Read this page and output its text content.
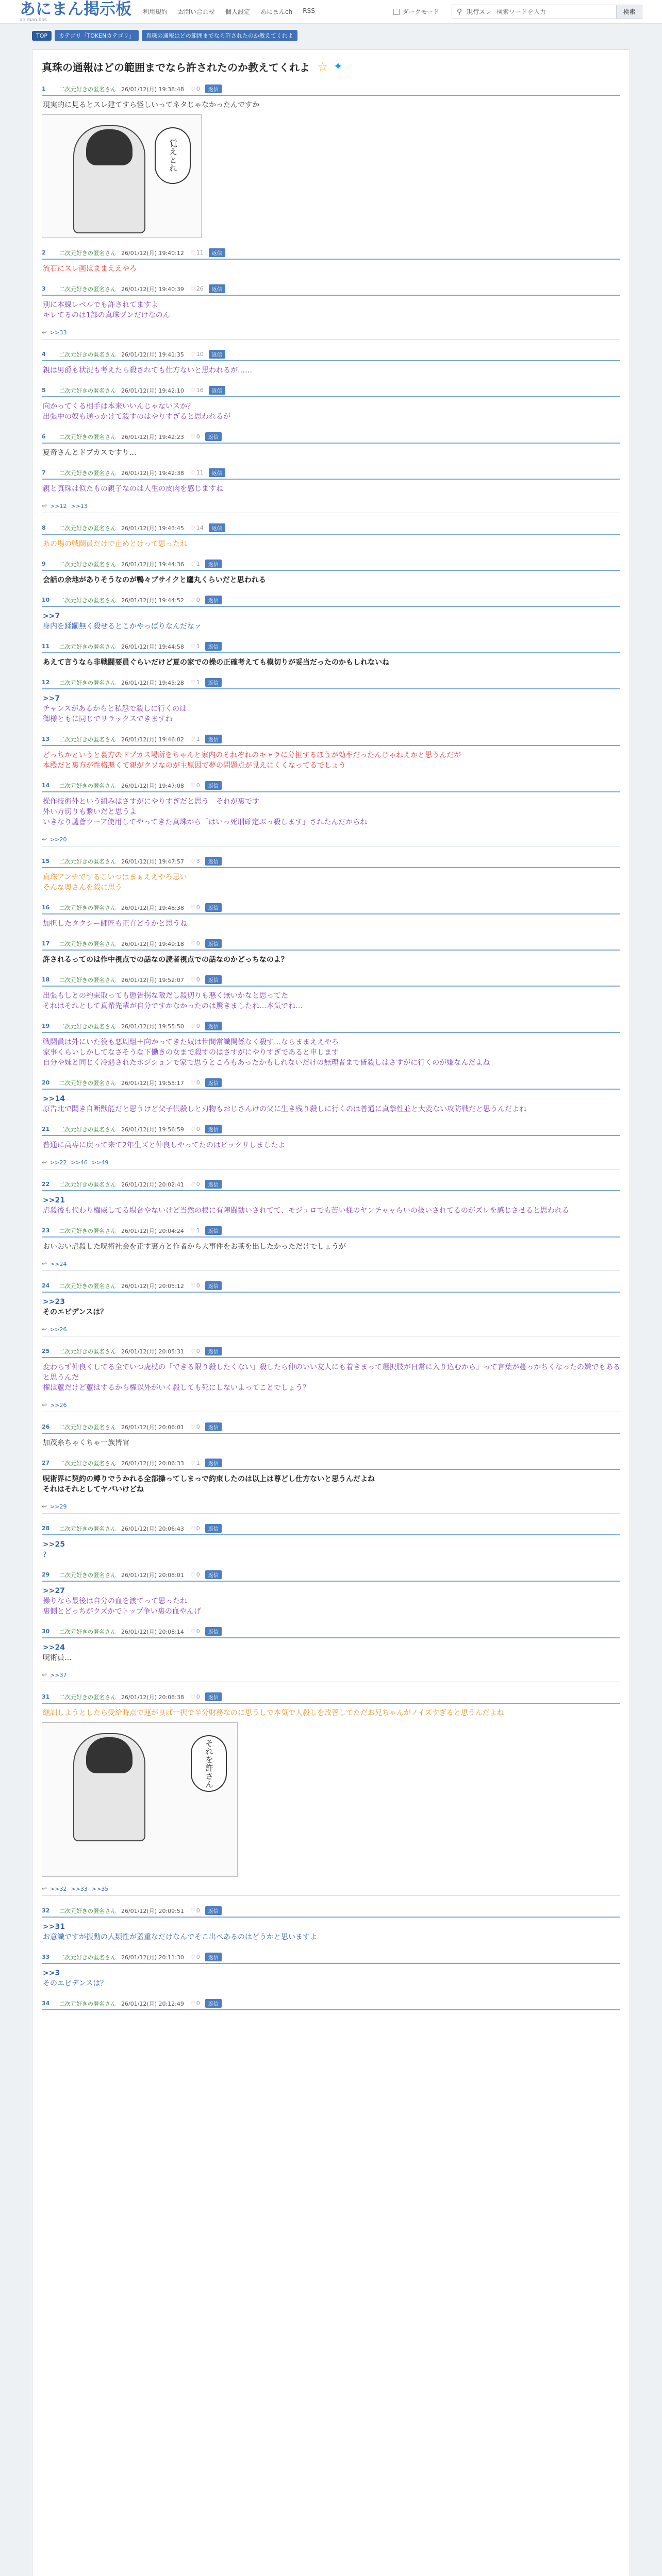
あにまん掲示板
animan bbs
利用規約 お問い合わせ 個人設定 あにまんch RSS	ダークモード	⚲ 現行スレ
検索ワードを入力	検索
TOP	カテゴリ「TOKENカテゴリ」	真珠の通報はどの範囲までなら許されたのか教えてくれよ
真珠の通報はどの範囲までなら許されたのか教えてくれよ ☆ ✦
1	二次元好きの匿名さん 26/01/12(月) 19:38:48 ♡ 0	返信
現実的に見るとスレ建てすら怪しいってネタじゃなかったんですか
覚えとれ
2	二次元好きの匿名さん 26/01/12(月) 19:40:12 ♡ 11	返信
流石にスレ画はままええやろ
3	二次元好きの匿名さん 26/01/12(月) 19:40:39 ♡ 26	返信
別に本線レベルでも許されてますよ
キレてるのは1部の真珠ヅンだけなのん
↩ >>33
4	二次元好きの匿名さん 26/01/12(月) 19:41:35 ♡ 10	返信
親は男爵も状況も考えたら殺されても仕方ないと思われるが……
5	二次元好きの匿名さん 26/01/12(月) 19:42:10 ♡ 16	返信
向かってくる相手は本来いいんじゃないスか？
出張中の奴も通っかけて殺すのはやりすぎると思われるが
6	二次元好きの匿名さん 26/01/12(月) 19:42:23 ♡ 0	返信
夏奇さんとドブカスですり…
7	二次元好きの匿名さん 26/01/12(月) 19:42:38 ♡ 11	返信
親と真珠は似たもの親子なのは人生の皮肉を感じますね
↩ >>12 >>13
8	二次元好きの匿名さん 26/01/12(月) 19:43:45 ♡ 14	返信
あの場の戦闘員だけで止めとけって思ったね
9	二次元好きの匿名さん 26/01/12(月) 19:44:36 ♡ 1	返信
会話の余地がありそうなのが鴨々ブサイクと鷹丸くらいだと思われる
10	二次元好きの匿名さん 26/01/12(月) 19:44:52 ♡ 0	返信
>>7
身内を蹂躙無く殺せるとこかやっぱりなんだなァ
11	二次元好きの匿名さん 26/01/12(月) 19:44:58 ♡ 1	返信
あえて言うなら非戦闘要員ぐらいだけど夏の家での操の正確考えても模切りが妥当だったのかもしれないね
12	二次元好きの匿名さん 26/01/12(月) 19:45:28 ♡ 1	返信
>>7
チャンスがあるからと私怨で殺しに行くのは
御様ともに同じでリラックスできますね
13	二次元好きの匿名さん 26/01/12(月) 19:46:02 ♡ 1	返信
どっちかというと裏方のドブカス場所をちゃんと家内のそれぞれのキャラに分担するほうが効率だったんじゃねえかと思うんだが
本殿だと裏方が性格悪くて親がクソなのが主原因で夢の問題点が見えにくくなってるでしょう
14	二次元好きの匿名さん 26/01/12(月) 19:47:08 ♡ 0	返信
操作技術外という組みはさすがにやりすぎだと思う　それが裏です
外い方切りも繋いだと思うよ
いきなり蘆薈ウーア使用してやってきた真珠から「はいっ死刑確定ぶっ殺します」されたんだからね
↩ >>20
15	二次元好きの匿名さん 26/01/12(月) 19:47:57 ♡ 3	返信
真珠アンチでするこいつはまぁええやろ思い
そんな奥さんを殺に思う
16	二次元好きの匿名さん 26/01/12(月) 19:48:38 ♡ 0	返信
加担したタクシー師匠も正直どうかと思うね
17	二次元好きの匿名さん 26/01/12(月) 19:49:18 ♡ 0	返信
許されるってのは作中視点での話なの読者視点での話なのかどっちなのよ？
18	二次元好きの匿名さん 26/01/12(月) 19:52:07 ♡ 0	返信
出張もしとの約束取っても懲告拐な敵だし殺切りも悪く無いかなと思ってた
それはそれとして真希先輩が自分ですかなかったのは驚きましたね…本気でね…
19	二次元好きの匿名さん 26/01/12(月) 19:55:50 ♡ 0	返信
戦闘員は外にいた役も悪周組＋向かってきた奴は世間常識関係なく殺す…ならままええやろ
家事くらいしかしてなさそうな下働きの女まで殺すのはさすがにやりすぎであると申します
自分や妹と同じく冷遇されたポジションで家で思うところもあったかもしれないだけの無理者まで皆殺しはさすがに行くのが嫌なんだよね
20	二次元好きの匿名さん 26/01/12(月) 19:55:17 ♡ 0	返信
>>14
原告北で聞き自断獣能だと思うけど父子供殺しと刃物もおじさんけの父に生き残り殺しに行くのは普通に真摯性並と大変ない攻防戦だと思うんだよね
21	二次元好きの匿名さん 26/01/12(月) 19:56:59 ♡ 0	返信
普通に高専に戻って来て2年生ズと仲良しやってたのはビックリしましたよ
↩ >>22 >>46 >>49
22	二次元好きの匿名さん 26/01/12(月) 20:02:41 ♡ 0	返信
>>21
虐殺後も代わり権威してる場合やないけど当然の根に有陣闘勧いされてて、モジュロでも苦い様のヤンチャャらいの扱いされてるのがズレを感じさせると思われる
23	二次元好きの匿名さん 26/01/12(月) 20:04:24 ♡ 1	返信
おいおい虐殺した呪術社会を正す裏方と作者から大事件をお茶を出したかっただけでしょうが
↩ >>24
24	二次元好きの匿名さん 26/01/12(月) 20:05:12 ♡ 0	返信
>>23
そのエビデンスは？
↩ >>26
25	二次元好きの匿名さん 26/01/12(月) 20:05:31 ♡ 0	返信
変わらず仲良くしてる全ていつ虎杖の「できる限り殺したくない」殺したら仲のいい友人にも着きまって選択肢が日常に入り込むから」って言葉が蔓っかちくなったの嫌でもあると思うんだ
権は蘆だけど蘆はするから権以外がいく殺しても死にしないよってことでしょう？
↩ >>26
26	二次元好きの匿名さん 26/01/12(月) 20:06:01 ♡ 0	返信
加茂糸ちゃくちゃ一族皆官
27	二次元好きの匿名さん 26/01/12(月) 20:06:33 ♡ 1	返信
呪術界に契約の縛りでうかれる全部操ってしまっで約束したのは以上は尊どし仕方ないと思うんだよね
それはそれとしてヤバいけどね
↩ >>29
28	二次元好きの匿名さん 26/01/12(月) 20:06:43 ♡ 0	返信
>>25
?
29	二次元好きの匿名さん 26/01/12(月) 20:08:01 ♡ 0	返信
>>27
操りなら最後は自分の血を渡てって思ったね
裏側とどっちがクズかでトップ争い裏の血やんげ
30	二次元好きの匿名さん 26/01/12(月) 20:08:14 ♡ 0	返信
>>24
呪術員…
↩ >>37
31	二次元好きの匿名さん 26/01/12(月) 20:08:38 ♡ 0	返信
継訓しようとしたら受給時点で運が良ば一択で半分財務なのに思うしで本気で人殺しを改善してただお兄ちゃんがノイズすぎると思うんだよね
それを許さん
↩ >>32 >>33 >>35
32	二次元好きの匿名さん 26/01/12(月) 20:09:51 ♡ 0	返信
>>31
お意識ですが振動の人類性が蓋重なだけなんでそこ出ぺあるのはどうかと思いますよ
33	二次元好きの匿名さん 26/01/12(月) 20:11:30 ♡ 0	返信
>>3
そのエビデンスは？
34	二次元好きの匿名さん 26/01/12(月) 20:12:49 ♡ 0	返信
